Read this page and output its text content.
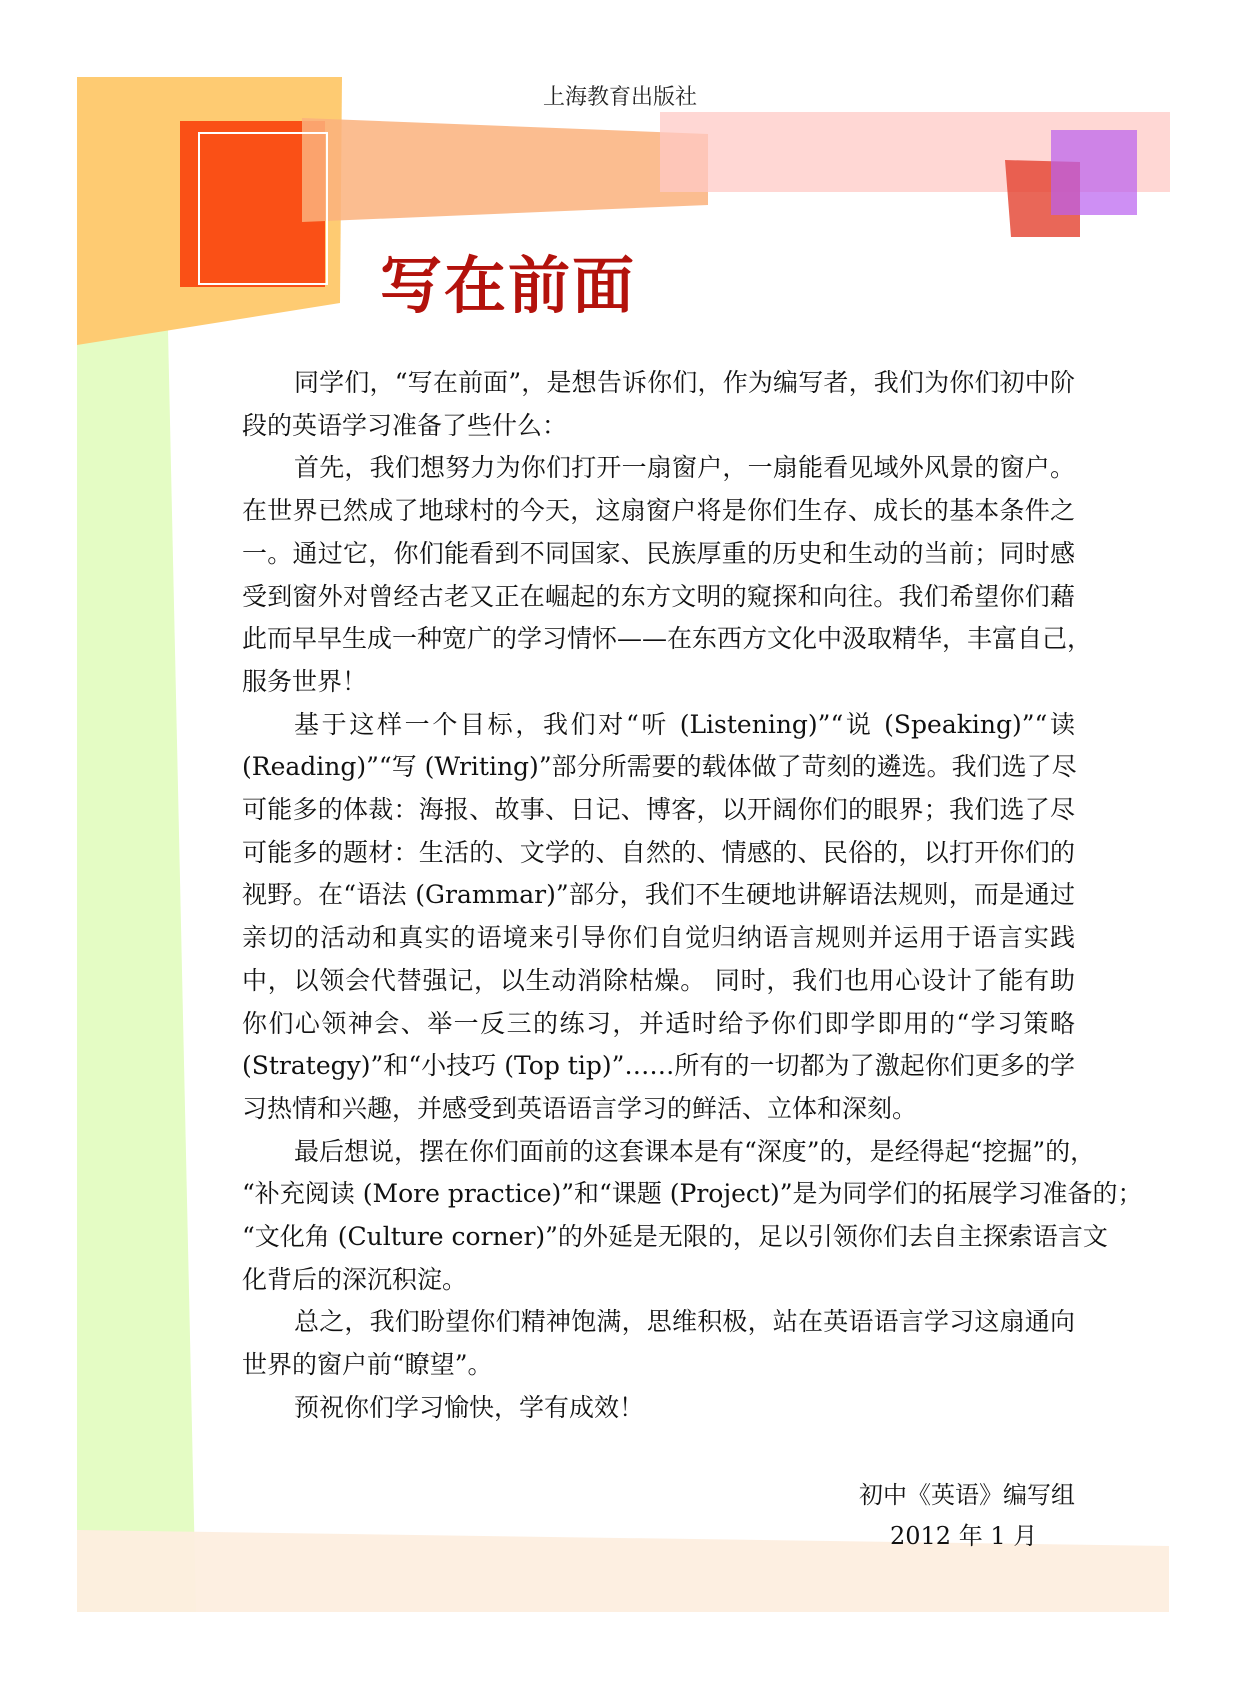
上海教育出版社
写在前面
同学们，“写在前面”，是想告诉你们，作为编写者，我们为你们初中阶
段的英语学习准备了些什么：
首先，我们想努力为你们打开一扇窗户，一扇能看见域外风景的窗户。
在世界已然成了地球村的今天，这扇窗户将是你们生存、成长的基本条件之
一。通过它，你们能看到不同国家、民族厚重的历史和生动的当前；同时感
受到窗外对曾经古老又正在崛起的东方文明的窥探和向往。我们希望你们藉
此而早早生成一种宽广的学习情怀——在东西方文化中汲取精华，丰富自己，
服务世界！
基于这样一个目标，我们对“听 (Listening)”“说 (Speaking)”“读
(Reading)”“写 (Writing)”部分所需要的载体做了苛刻的遴选。我们选了尽
可能多的体裁：海报、故事、日记、博客，以开阔你们的眼界；我们选了尽
可能多的题材：生活的、文学的、自然的、情感的、民俗的，以打开你们的
视野。在“语法 (Grammar)”部分，我们不生硬地讲解语法规则，而是通过
亲切的活动和真实的语境来引导你们自觉归纳语言规则并运用于语言实践
中，以领会代替强记，以生动消除枯燥。 同时，我们也用心设计了能有助
你们心领神会、举一反三的练习，并适时给予你们即学即用的“学习策略
(Strategy)”和“小技巧 (Top tip)”……所有的一切都为了激起你们更多的学
习热情和兴趣，并感受到英语语言学习的鲜活、立体和深刻。
最后想说，摆在你们面前的这套课本是有“深度”的，是经得起“挖掘”的，
“补充阅读 (More practice)”和“课题 (Project)”是为同学们的拓展学习准备的；
“文化角 (Culture corner)”的外延是无限的，足以引领你们去自主探索语言文
化背后的深沉积淀。
总之，我们盼望你们精神饱满，思维积极，站在英语语言学习这扇通向
世界的窗户前“瞭望”。
预祝你们学习愉快，学有成效！
初中《英语》编写组
2012 年 1 月
